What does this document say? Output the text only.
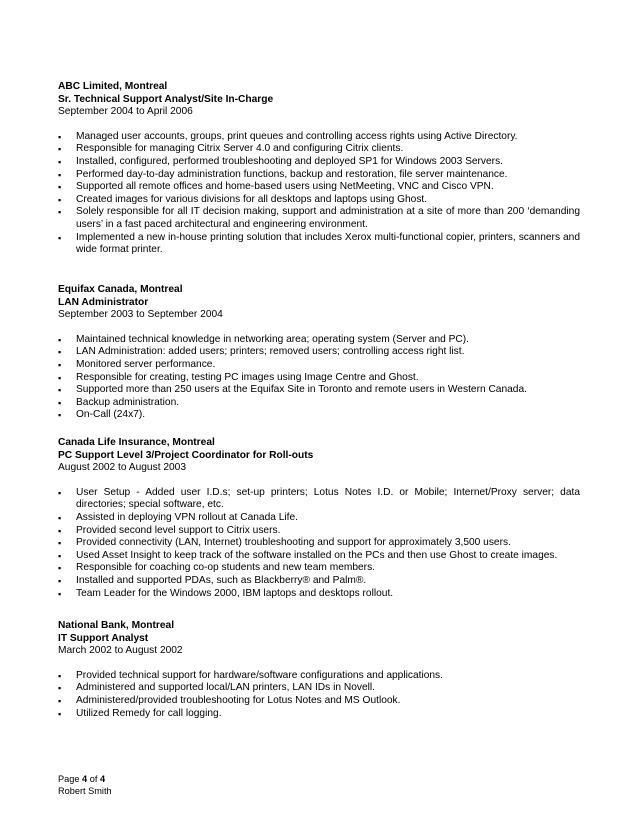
ABC Limited, Montreal

Sr. Technical Support Analyst/Site In-Charge

September 2004 to April 2006

▪	Managed user accounts, groups, print queues and controlling access rights using Active Directory.
▪	Responsible for managing Citrix Server 4.0 and configuring Citrix clients.
▪	Installed, configured, performed troubleshooting and deployed SP1 for Windows 2003 Servers.
▪	Performed day-to-day administration functions, backup and restoration, file server maintenance.
▪	Supported all remote offices and home-based users using NetMeeting, VNC and Cisco VPN.
▪	Created images for various divisions for all desktops and laptops using Ghost.
▪	Solely responsible for all IT decision making, support and administration at a site of more than 200 ‘demanding users’ in a fast paced architectural and engineering environment.
▪	Implemented a new in-house printing solution that includes Xerox multi-functional copier, printers, scanners and wide format printer.

Equifax Canada, Montreal

LAN Administrator

September 2003 to September 2004

▪	Maintained technical knowledge in networking area; operating system (Server and PC).
▪	LAN Administration: added users; printers; removed users; controlling access right list.
▪	Monitored server performance.
▪	Responsible for creating, testing PC images using Image Centre and Ghost.
▪	Supported more than 250 users at the Equifax Site in Toronto and remote users in Western Canada.
▪	Backup administration.
▪	On-Call (24x7).

Canada Life Insurance, Montreal

PC Support Level 3/Project Coordinator for Roll-outs

August 2002 to August 2003

▪	User Setup - Added user I.D.s; set-up printers; Lotus Notes I.D. or Mobile; Internet/Proxy server; data directories; special software, etc.
▪	Assisted in deploying VPN rollout at Canada Life.
▪	Provided second level support to Citrix users.
▪	Provided connectivity (LAN, Internet) troubleshooting and support for approximately 3,500 users.
▪	Used Asset Insight to keep track of the software installed on the PCs and then use Ghost to create images.
▪	Responsible for coaching co-op students and new team members.
▪	Installed and supported PDAs, such as Blackberry® and Palm®.
▪	Team Leader for the Windows 2000, IBM laptops and desktops rollout.

National Bank, Montreal

IT Support Analyst

March 2002 to August 2002

▪	Provided technical support for hardware/software configurations and applications.
▪	Administered and supported local/LAN printers, LAN IDs in Novell.
▪	Administered/provided troubleshooting for Lotus Notes and MS Outlook.
▪	Utilized Remedy for call logging.
Page 4 of 4
Robert Smith
